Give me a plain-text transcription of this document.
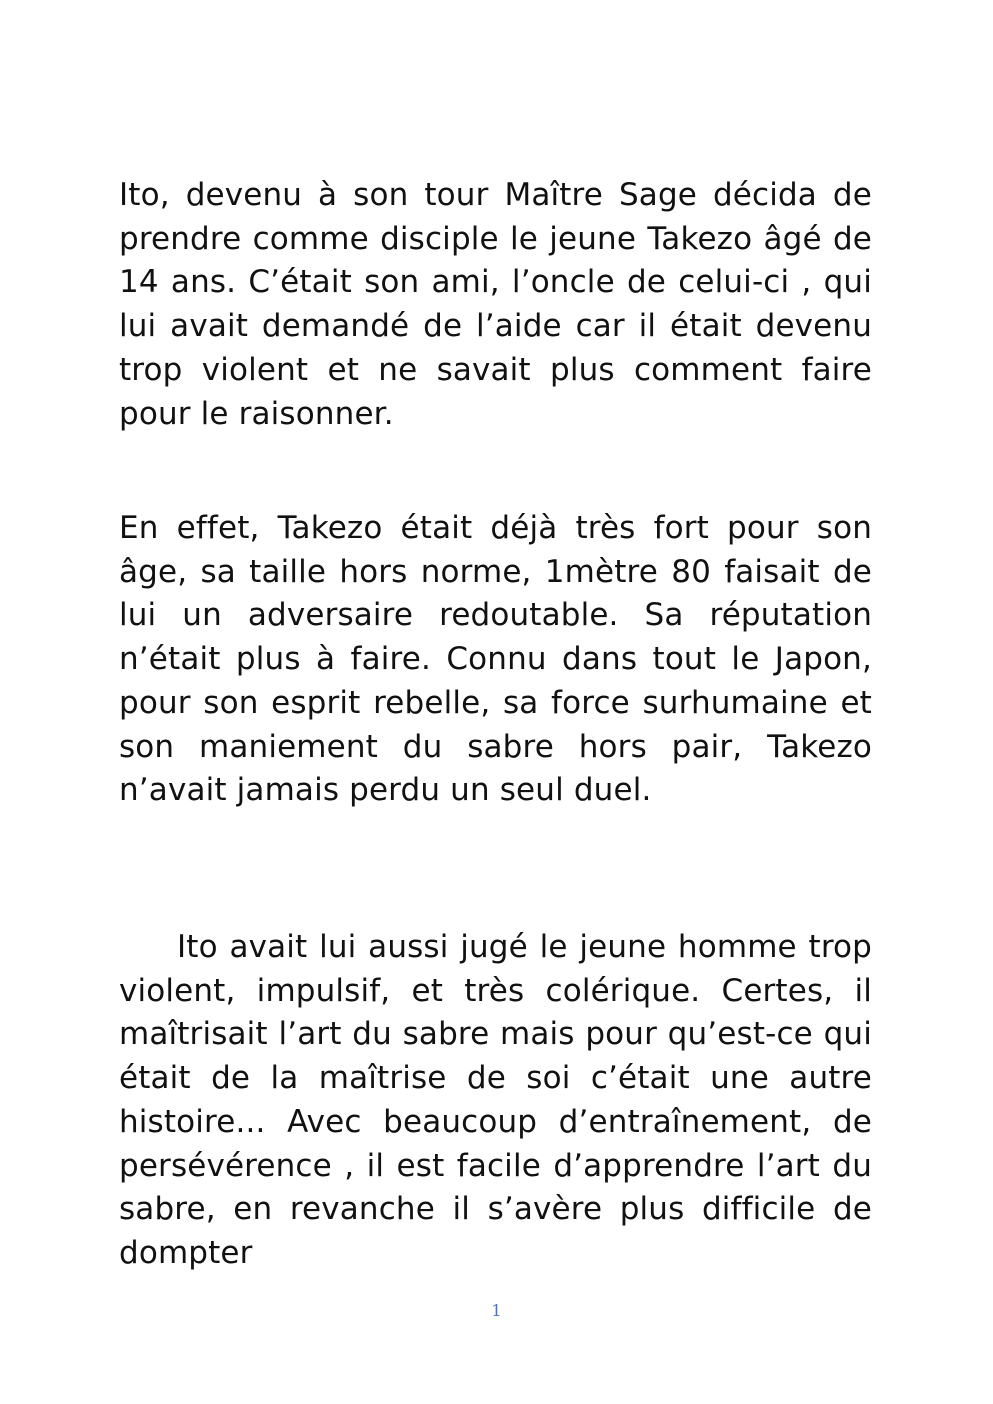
Ito, devenu à son tour Maître Sage décida de prendre comme disciple le jeune Takezo âgé de 14 ans. C’était son ami, l’oncle de celui-ci , qui lui avait demandé de l’aide car il était devenu trop violent et ne savait plus comment faire pour le raisonner.
En effet, Takezo était déjà très fort pour son âge, sa taille hors norme, 1mètre 80 faisait de lui un adversaire redoutable. Sa réputation n’était plus à faire. Connu dans tout le Japon, pour son esprit rebelle, sa force surhumaine et son maniement du sabre hors pair, Takezo n’avait jamais perdu un seul duel.
Ito avait lui aussi jugé le jeune homme trop violent, impulsif, et très colérique. Certes, il maîtrisait l’art du sabre mais pour qu’est-ce qui était de la maîtrise de soi c’était une autre histoire... Avec beaucoup d’entraînement, de persévérence , il est facile d’apprendre l’art du sabre, en revanche il s’avère plus difficile de dompter
1
